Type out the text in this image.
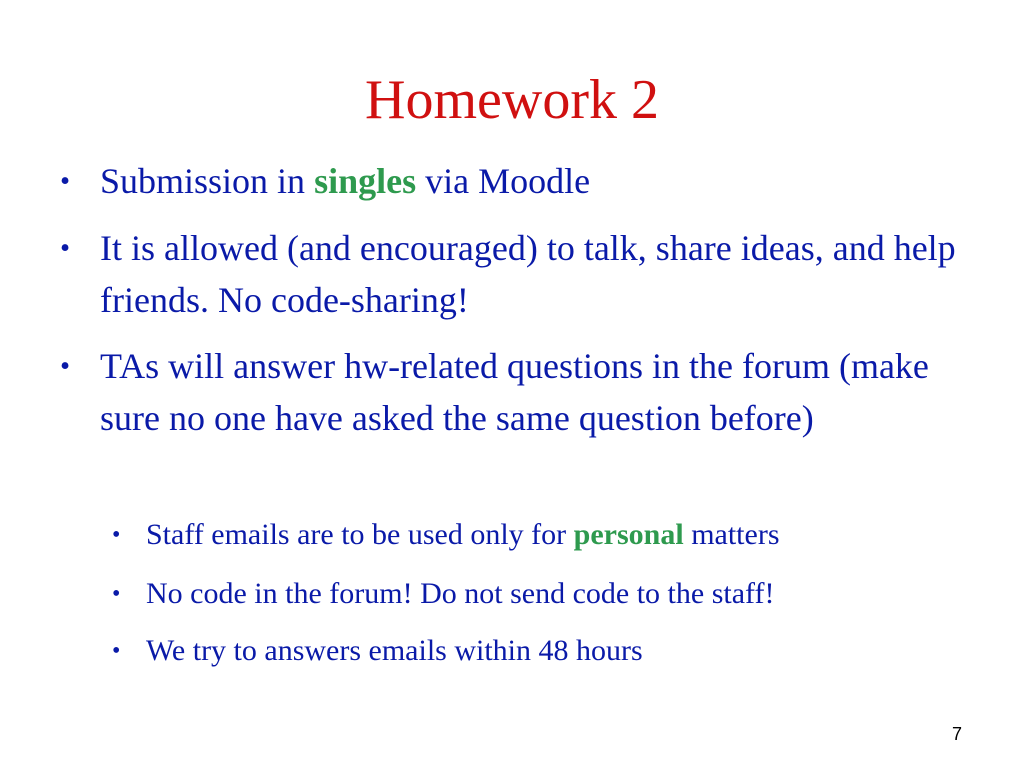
Homework 2

• Submission in singles via Moodle

• It is allowed (and encouraged) to talk, share ideas, and help friends. No code-sharing!

• TAs will answer hw-related questions in the forum (make sure no one have asked the same question before)

• Staff emails are to be used only for personal matters

• No code in the forum! Do not send code to the staff!

• We try to answers emails within 48 hours

7
